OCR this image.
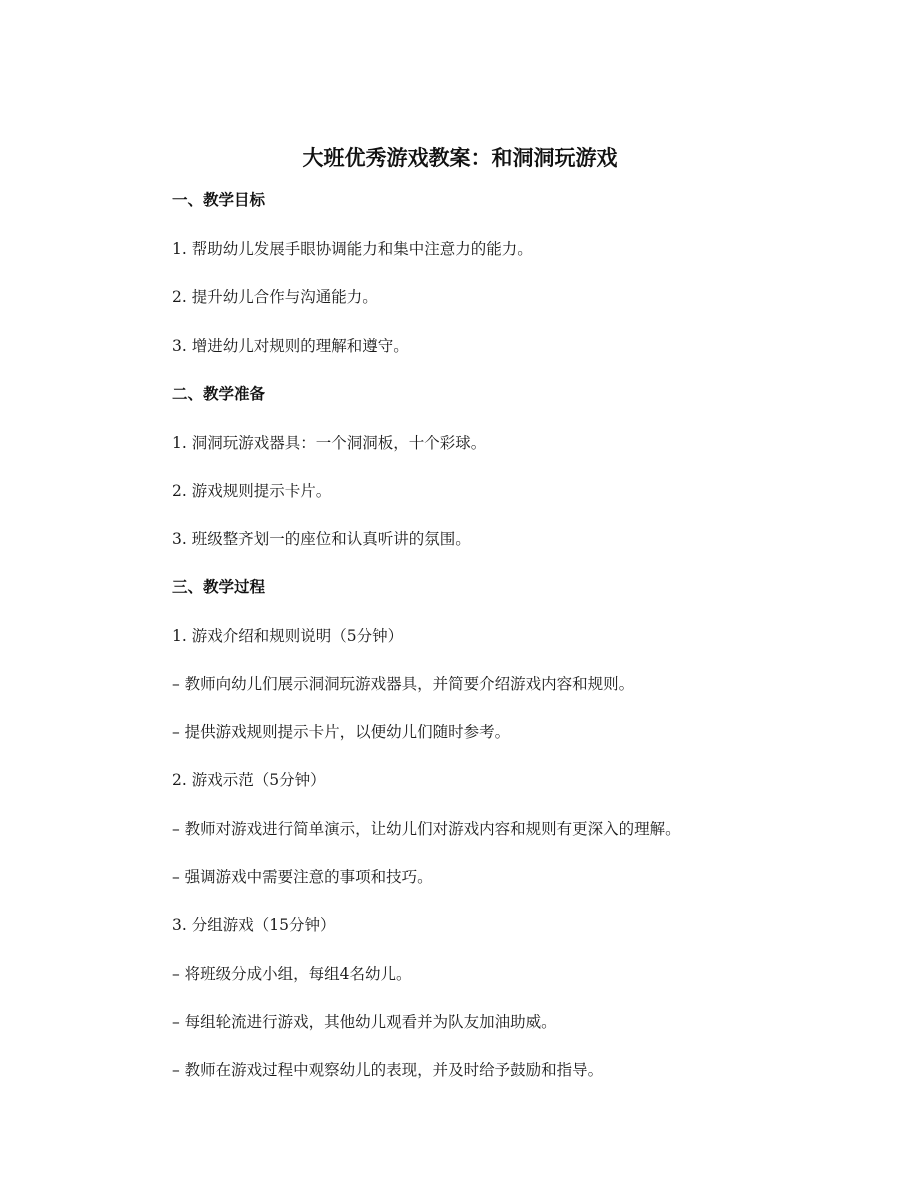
大班优秀游戏教案：和洞洞玩游戏
一、教学目标
1. 帮助幼儿发展手眼协调能力和集中注意力的能力。
2. 提升幼儿合作与沟通能力。
3. 增进幼儿对规则的理解和遵守。
二、教学准备
1. 洞洞玩游戏器具：一个洞洞板，十个彩球。
2. 游戏规则提示卡片。
3. 班级整齐划一的座位和认真听讲的氛围。
三、教学过程
1. 游戏介绍和规则说明（5分钟）
– 教师向幼儿们展示洞洞玩游戏器具，并简要介绍游戏内容和规则。
– 提供游戏规则提示卡片，以便幼儿们随时参考。
2. 游戏示范（5分钟）
– 教师对游戏进行简单演示，让幼儿们对游戏内容和规则有更深入的理解。
– 强调游戏中需要注意的事项和技巧。
3. 分组游戏（15分钟）
– 将班级分成小组，每组4名幼儿。
– 每组轮流进行游戏，其他幼儿观看并为队友加油助威。
– 教师在游戏过程中观察幼儿的表现，并及时给予鼓励和指导。
